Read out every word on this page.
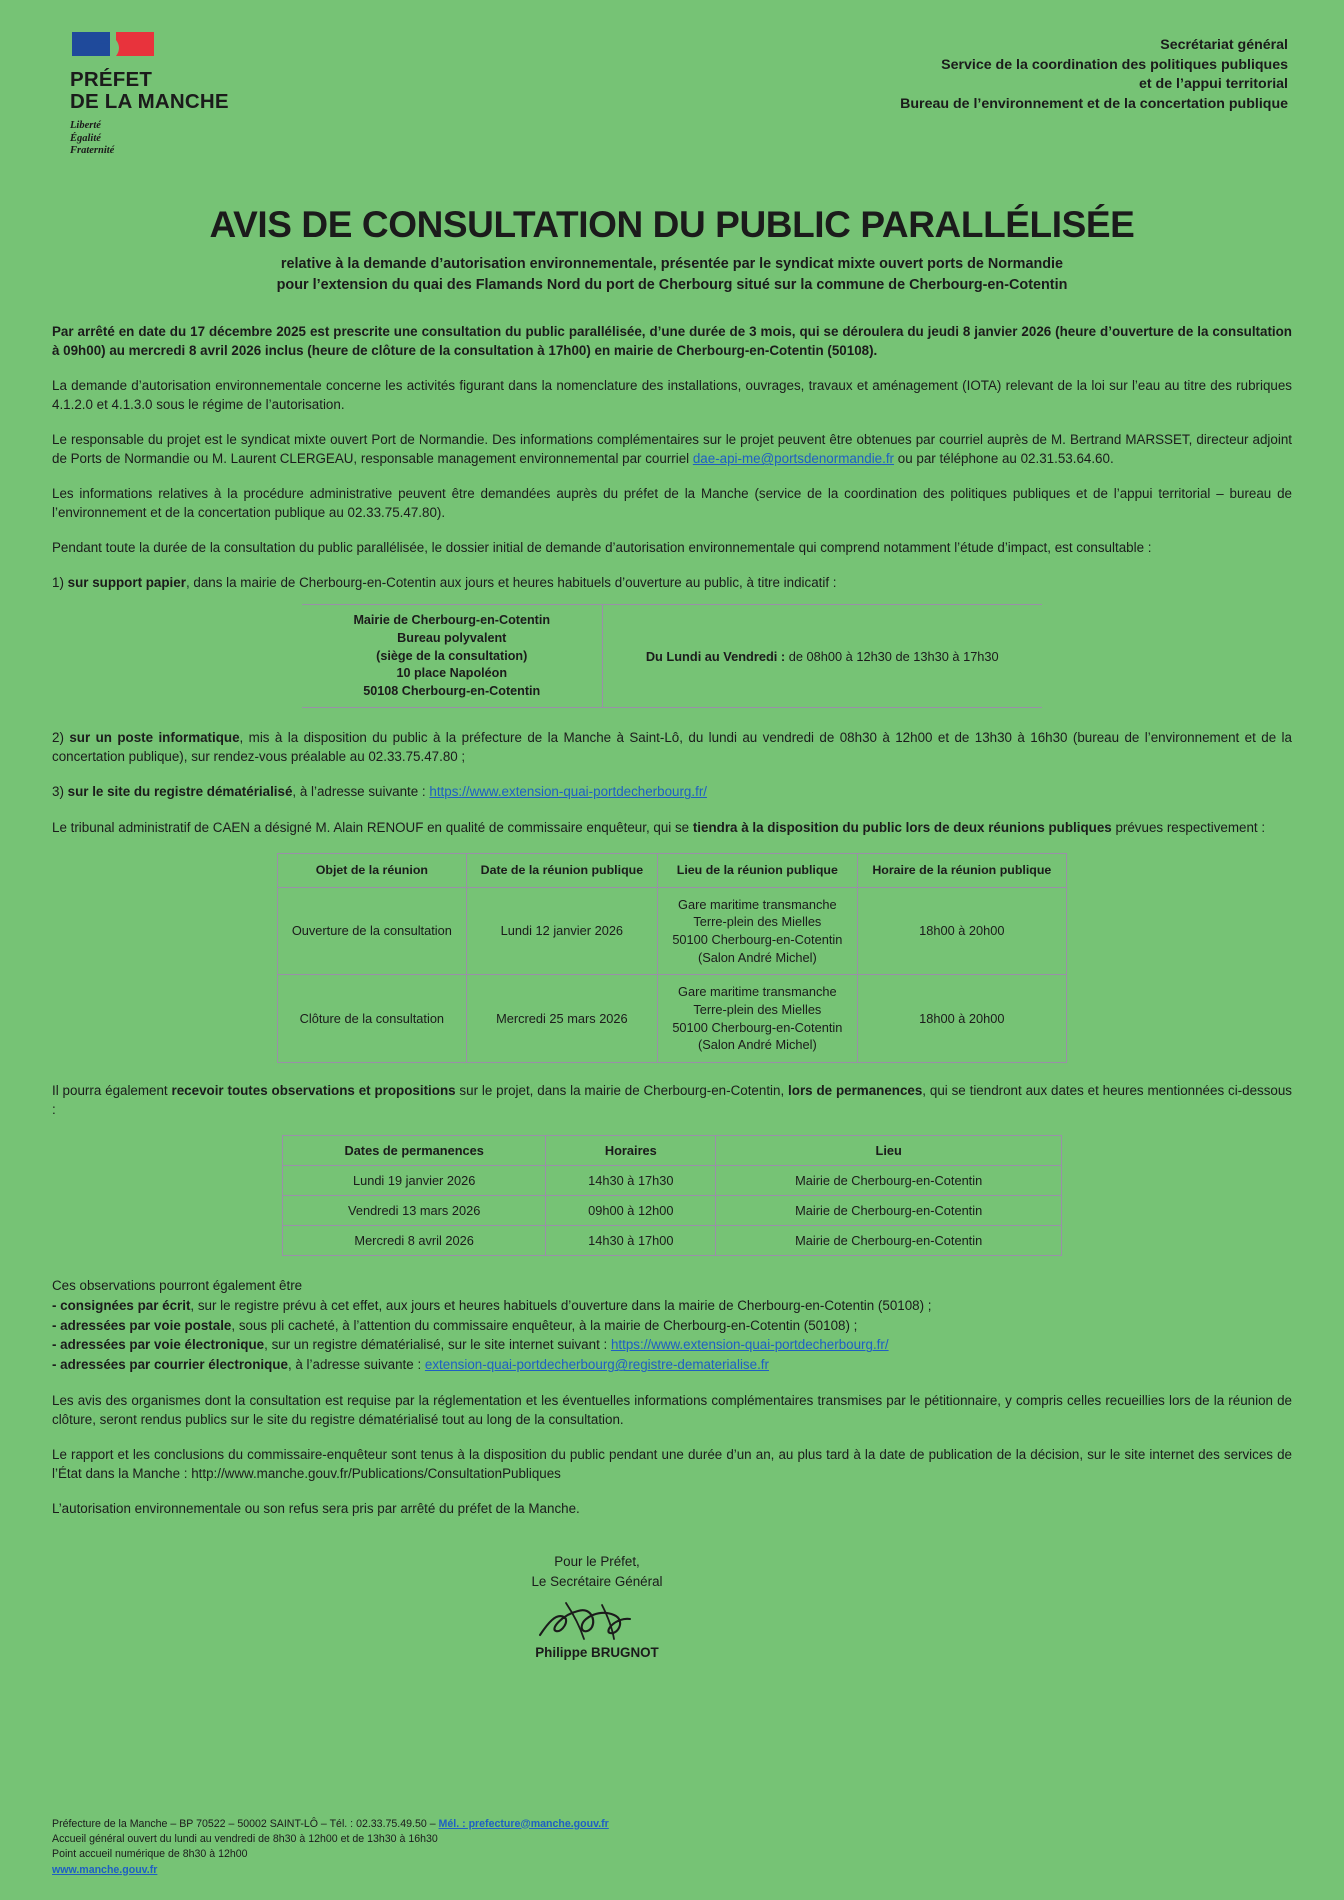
PRÉFET
DE LA MANCHE
Liberté
Égalité
Fraternité
Secrétariat général
Service de la coordination des politiques publiques
et de l’appui territorial
Bureau de l’environnement et de la concertation publique
AVIS DE CONSULTATION DU PUBLIC PARALLÉLISÉE
relative à la demande d’autorisation environnementale, présentée par le syndicat mixte ouvert ports de Normandie
pour l’extension du quai des Flamands Nord du port de Cherbourg situé sur la commune de Cherbourg-en-Cotentin

Par arrêté en date du 17 décembre 2025 est prescrite une consultation du public parallélisée, d’une durée de 3 mois, qui se déroulera du jeudi 8 janvier 2026 (heure d’ouverture de la consultation à 09h00) au mercredi 8 avril 2026 inclus (heure de clôture de la consultation à 17h00) en mairie de Cherbourg-en-Cotentin (50108).

La demande d’autorisation environnementale concerne les activités figurant dans la nomenclature des installations, ouvrages, travaux et aménagement (IOTA) relevant de la loi sur l’eau au titre des rubriques 4.1.2.0 et 4.1.3.0 sous le régime de l’autorisation.

Le responsable du projet est le syndicat mixte ouvert Port de Normandie. Des informations complémentaires sur le projet peuvent être obtenues par courriel auprès de M. Bertrand MARSSET, directeur adjoint de Ports de Normandie ou M. Laurent CLERGEAU, responsable management environnemental par courriel dae-api-me@portsdenormandie.fr ou par téléphone au 02.31.53.64.60.

Les informations relatives à la procédure administrative peuvent être demandées auprès du préfet de la Manche (service de la coordination des politiques publiques et de l’appui territorial – bureau de l’environnement et de la concertation publique au 02.33.75.47.80).

Pendant toute la durée de la consultation du public parallélisée, le dossier initial de demande d’autorisation environnementale qui comprend notamment l’étude d’impact, est consultable :

1) sur support papier, dans la mairie de Cherbourg-en-Cotentin aux jours et heures habituels d’ouverture au public, à titre indicatif :

Mairie de Cherbourg-en-Cotentin
Bureau polyvalent
(siège de la consultation)
10 place Napoléon
50108 Cherbourg-en-Cotentin
	Du Lundi au Vendredi : de 08h00 à 12h30 de 13h30 à 17h30

2) sur un poste informatique, mis à la disposition du public à la préfecture de la Manche à Saint-Lô, du lundi au vendredi de 08h30 à 12h00 et de 13h30 à 16h30 (bureau de l’environnement et de la concertation publique), sur rendez-vous préalable au 02.33.75.47.80 ;

3) sur le site du registre dématérialisé, à l’adresse suivante : https://www.extension-quai-portdecherbourg.fr/

Le tribunal administratif de CAEN a désigné M. Alain RENOUF en qualité de commissaire enquêteur, qui se tiendra à la disposition du public lors de deux réunions publiques prévues respectivement :

Objet de la réunion	Date de la réunion publique	Lieu de la réunion publique	Horaire de la réunion publique
Ouverture de la consultation	Lundi 12 janvier 2026	Gare maritime transmanche
Terre-plein des Mielles
50100 Cherbourg-en-Cotentin
(Salon André Michel)	18h00 à 20h00
Clôture de la consultation	Mercredi 25 mars 2026	Gare maritime transmanche
Terre-plein des Mielles
50100 Cherbourg-en-Cotentin
(Salon André Michel)	18h00 à 20h00

Il pourra également recevoir toutes observations et propositions sur le projet, dans la mairie de Cherbourg-en-Cotentin, lors de permanences, qui se tiendront aux dates et heures mentionnées ci-dessous :

Dates de permanences	Horaires	Lieu
Lundi 19 janvier 2026	14h30 à 17h30	Mairie de Cherbourg-en-Cotentin
Vendredi 13 mars 2026	09h00 à 12h00	Mairie de Cherbourg-en-Cotentin
Mercredi 8 avril 2026	14h30 à 17h00	Mairie de Cherbourg-en-Cotentin
Ces observations pourront également être
- consignées par écrit, sur le registre prévu à cet effet, aux jours et heures habituels d’ouverture dans la mairie de Cherbourg-en-Cotentin (50108) ;
- adressées par voie postale, sous pli cacheté, à l’attention du commissaire enquêteur, à la mairie de Cherbourg-en-Cotentin (50108) ;
- adressées par voie électronique, sur un registre dématérialisé, sur le site internet suivant : https://www.extension-quai-portdecherbourg.fr/
- adressées par courrier électronique, à l’adresse suivante : extension-quai-portdecherbourg@registre-dematerialise.fr

Les avis des organismes dont la consultation est requise par la réglementation et les éventuelles informations complémentaires transmises par le pétitionnaire, y compris celles recueillies lors de la réunion de clôture, seront rendus publics sur le site du registre dématérialisé tout au long de la consultation.

Le rapport et les conclusions du commissaire-enquêteur sont tenus à la disposition du public pendant une durée d’un an, au plus tard à la date de publication de la décision, sur le site internet des services de l’État dans la Manche : http://www.manche.gouv.fr/Publications/ConsultationPubliques

L’autorisation environnementale ou son refus sera pris par arrêté du préfet de la Manche.

Pour le Préfet,
Le Secrétaire Général
Philippe BRUGNOT
Préfecture de la Manche – BP 70522 – 50002 SAINT-LÔ – Tél. : 02.33.75.49.50 – Mél. : prefecture@manche.gouv.fr
Accueil général ouvert du lundi au vendredi de 8h30 à 12h00 et de 13h30 à 16h30
Point accueil numérique de 8h30 à 12h00
www.manche.gouv.fr
